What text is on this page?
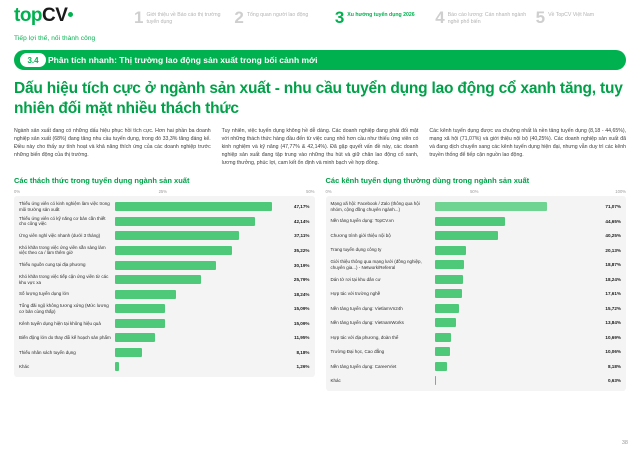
topCV
Tiếp lợi thế, nối thành công
1 Giới thiệu về Báo cáo thị trường tuyển dụng	2 Tổng quan người lao động 3 Xu hướng tuyển dụng 2026 4 Báo cáo lương: Cán nhanh ngành nghề phổ biến	5 Về TopCV Việt Nam
3.4	Phân tích nhanh: Thị trường lao động sản xuất trong bối cảnh mới
Dấu hiệu tích cực ở ngành sản xuất - nhu cầu tuyển dụng lao động cổ xanh tăng, tuy nhiên đối mặt nhiều thách thức

Ngành sản xuất đang có những dấu hiệu phục hồi tích cực. Hơn hai phần ba doanh nghiệp sản xuất (68%) đang tăng nhu cầu tuyển dụng, trong đó 33,3% tăng đáng kể. Điều này cho thấy sự tính hoạt và khả năng thích ứng của các doanh nghiệp trước những biến động của thị trường.

Tuy nhiên, việc tuyển dụng không hề dễ dàng. Các doanh nghiệp đang phải đối mặt với những thách thức hàng đầu đến từ việc cung nhỏ hơn cầu như thiếu ứng viên có kinh nghiệm và kỹ năng (47,77% & 42,14%). Đã gặp quyết vấn đề này, các doanh nghiệp sản xuất đang tập trung vào những thu hút và giữ chân lao động cổ xanh, lương thưởng, phúc lợi, cam kết ổn định và minh bạch về hợp đồng.

Các kênh tuyển dụng được ưa chuộng nhất là nền tảng tuyển dụng (8,18 - 44,65%), mạng xã hội (71,07%) và giới thiệu nội bộ (40,25%). Các doanh nghiệp sản xuất đã và đang dịch chuyển sang các kênh tuyển dụng hiện đại, nhưng vẫn duy trì các kênh truyền thống để tiếp cận nguồn lao động.

Các thách thức trong tuyển dụng ngành sản xuất
0%	25%	50%
Thiếu ứng viên có kinh nghiệm làm việc trong môi trường sản xuất	47,17%
Thiếu ứng viên có kỹ năng cơ bản cần thiết cho công việc	42,14%
Ứng viên nghỉ việc nhanh (dưới 3 tháng)	37,11%
Khó khăn trong việc ứng viên sẵn sàng làm việc theo ca / làm thêm giờ	35,22%
Thiếu nguồn cung tại địa phương	30,19%
Khó khăn trong việc tiếp cận ứng viên từ các khu vực xa	25,79%
Số lượng tuyển dụng lớn	18,24%
Tổng đãi ngộ không tương xứng (Mức lương cơ bản cùng thấp)	15,09%
Kênh tuyển dụng hiện tại không hiệu quả	15,09%
Biến động lớn do thay đổi kế hoạch sản phẩm	11,95%
Thiếu nhân sách tuyển dụng	8,18%
Khác	1,26%
Các kênh tuyển dụng thường dùng trong ngành sản xuất
0%	50%	100%
Mạng xã hội: Facebook / Zalo (thông qua hội nhóm, cộng đồng chuyên ngành...)	71,07%
Nền tảng tuyển dụng: TopCV.vn	44,65%
Chương trình giới thiệu nội bộ	40,25%
Trang tuyển dụng công ty	20,13%
Giới thiệu thông qua mạng lưới (đồng nghiệp, chuyên gia...) - Network/Referral	18,87%
Dán tờ rơi tại khu dân cư	18,24%
Hợp tác với trường nghề	17,61%
Nền tảng tuyển dụng: VietlamVn24h	15,72%
Nền tảng tuyển dụng: VietnamWorks	13,84%
Hợp tác với địa phương, đoàn thể	10,69%
Trường Đại học, Cao đẳng	10,06%
Nền tảng tuyển dụng: CareerViet	8,18%
Khác	0,63%
38
